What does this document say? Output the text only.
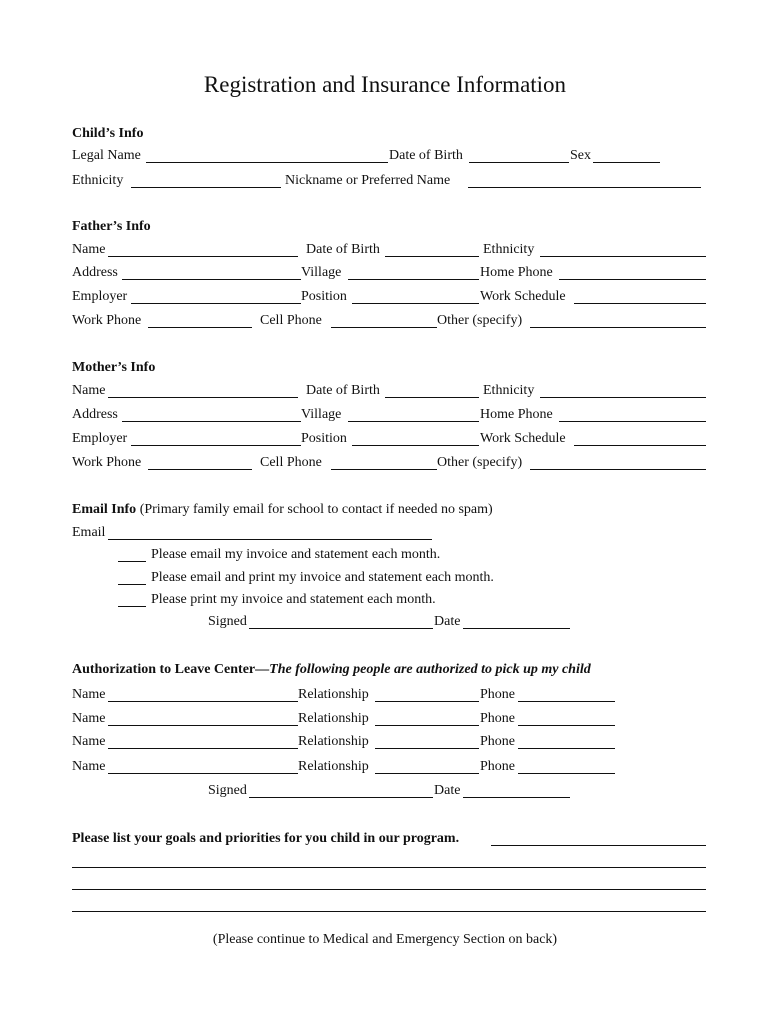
Registration and Insurance Information
Child’s Info
Legal Name	Date of Birth	Sex
Ethnicity	Nickname or Preferred Name
Father’s Info
Name	Date of Birth	Ethnicity
Address	Village	Home Phone
Employer	Position	Work Schedule
Work Phone	Cell Phone	Other (specify)
Mother’s Info
Name	Date of Birth	Ethnicity
Address	Village	Home Phone
Employer	Position	Work Schedule
Work Phone	Cell Phone	Other (specify)
Email Info (Primary family email for school to contact if needed no spam)
Email
Please email my invoice and statement each month.
Please email and print my invoice and statement each month.
Please print my invoice and statement each month.
Signed	Date
Authorization to Leave Center—The following people are authorized to pick up my child
Name	Relationship	Phone
Name	Relationship	Phone
Name	Relationship	Phone
Name	Relationship	Phone
Signed	Date
Please list your goals and priorities for you child in our program.
(Please continue to Medical and Emergency Section on back)
